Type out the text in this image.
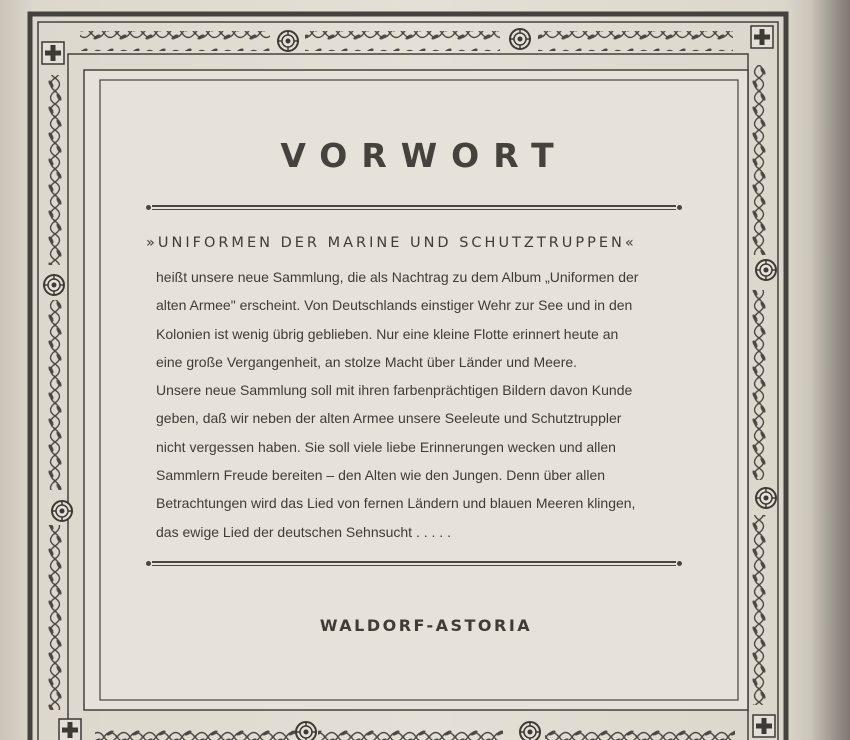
VORWORT
»UNIFORMEN DER MARINE UND SCHUTZTRUPPEN«
heißt unsere neue Sammlung, die als Nachtrag zu dem Album „Uniformen der
alten Armee" erscheint. Von Deutschlands einstiger Wehr zur See und in den
Kolonien ist wenig übrig geblieben. Nur eine kleine Flotte erinnert heute an
eine große Vergangenheit, an stolze Macht über Länder und Meere.
Unsere neue Sammlung soll mit ihren farbenprächtigen Bildern davon Kunde
geben, daß wir neben der alten Armee unsere Seeleute und Schutztruppler
nicht vergessen haben. Sie soll viele liebe Erinnerungen wecken und allen
Sammlern Freude bereiten – den Alten wie den Jungen. Denn über allen
Betrachtungen wird das Lied von fernen Ländern und blauen Meeren klingen,
das ewige Lied der deutschen Sehnsucht . . . . .
WALDORF-ASTORIA
